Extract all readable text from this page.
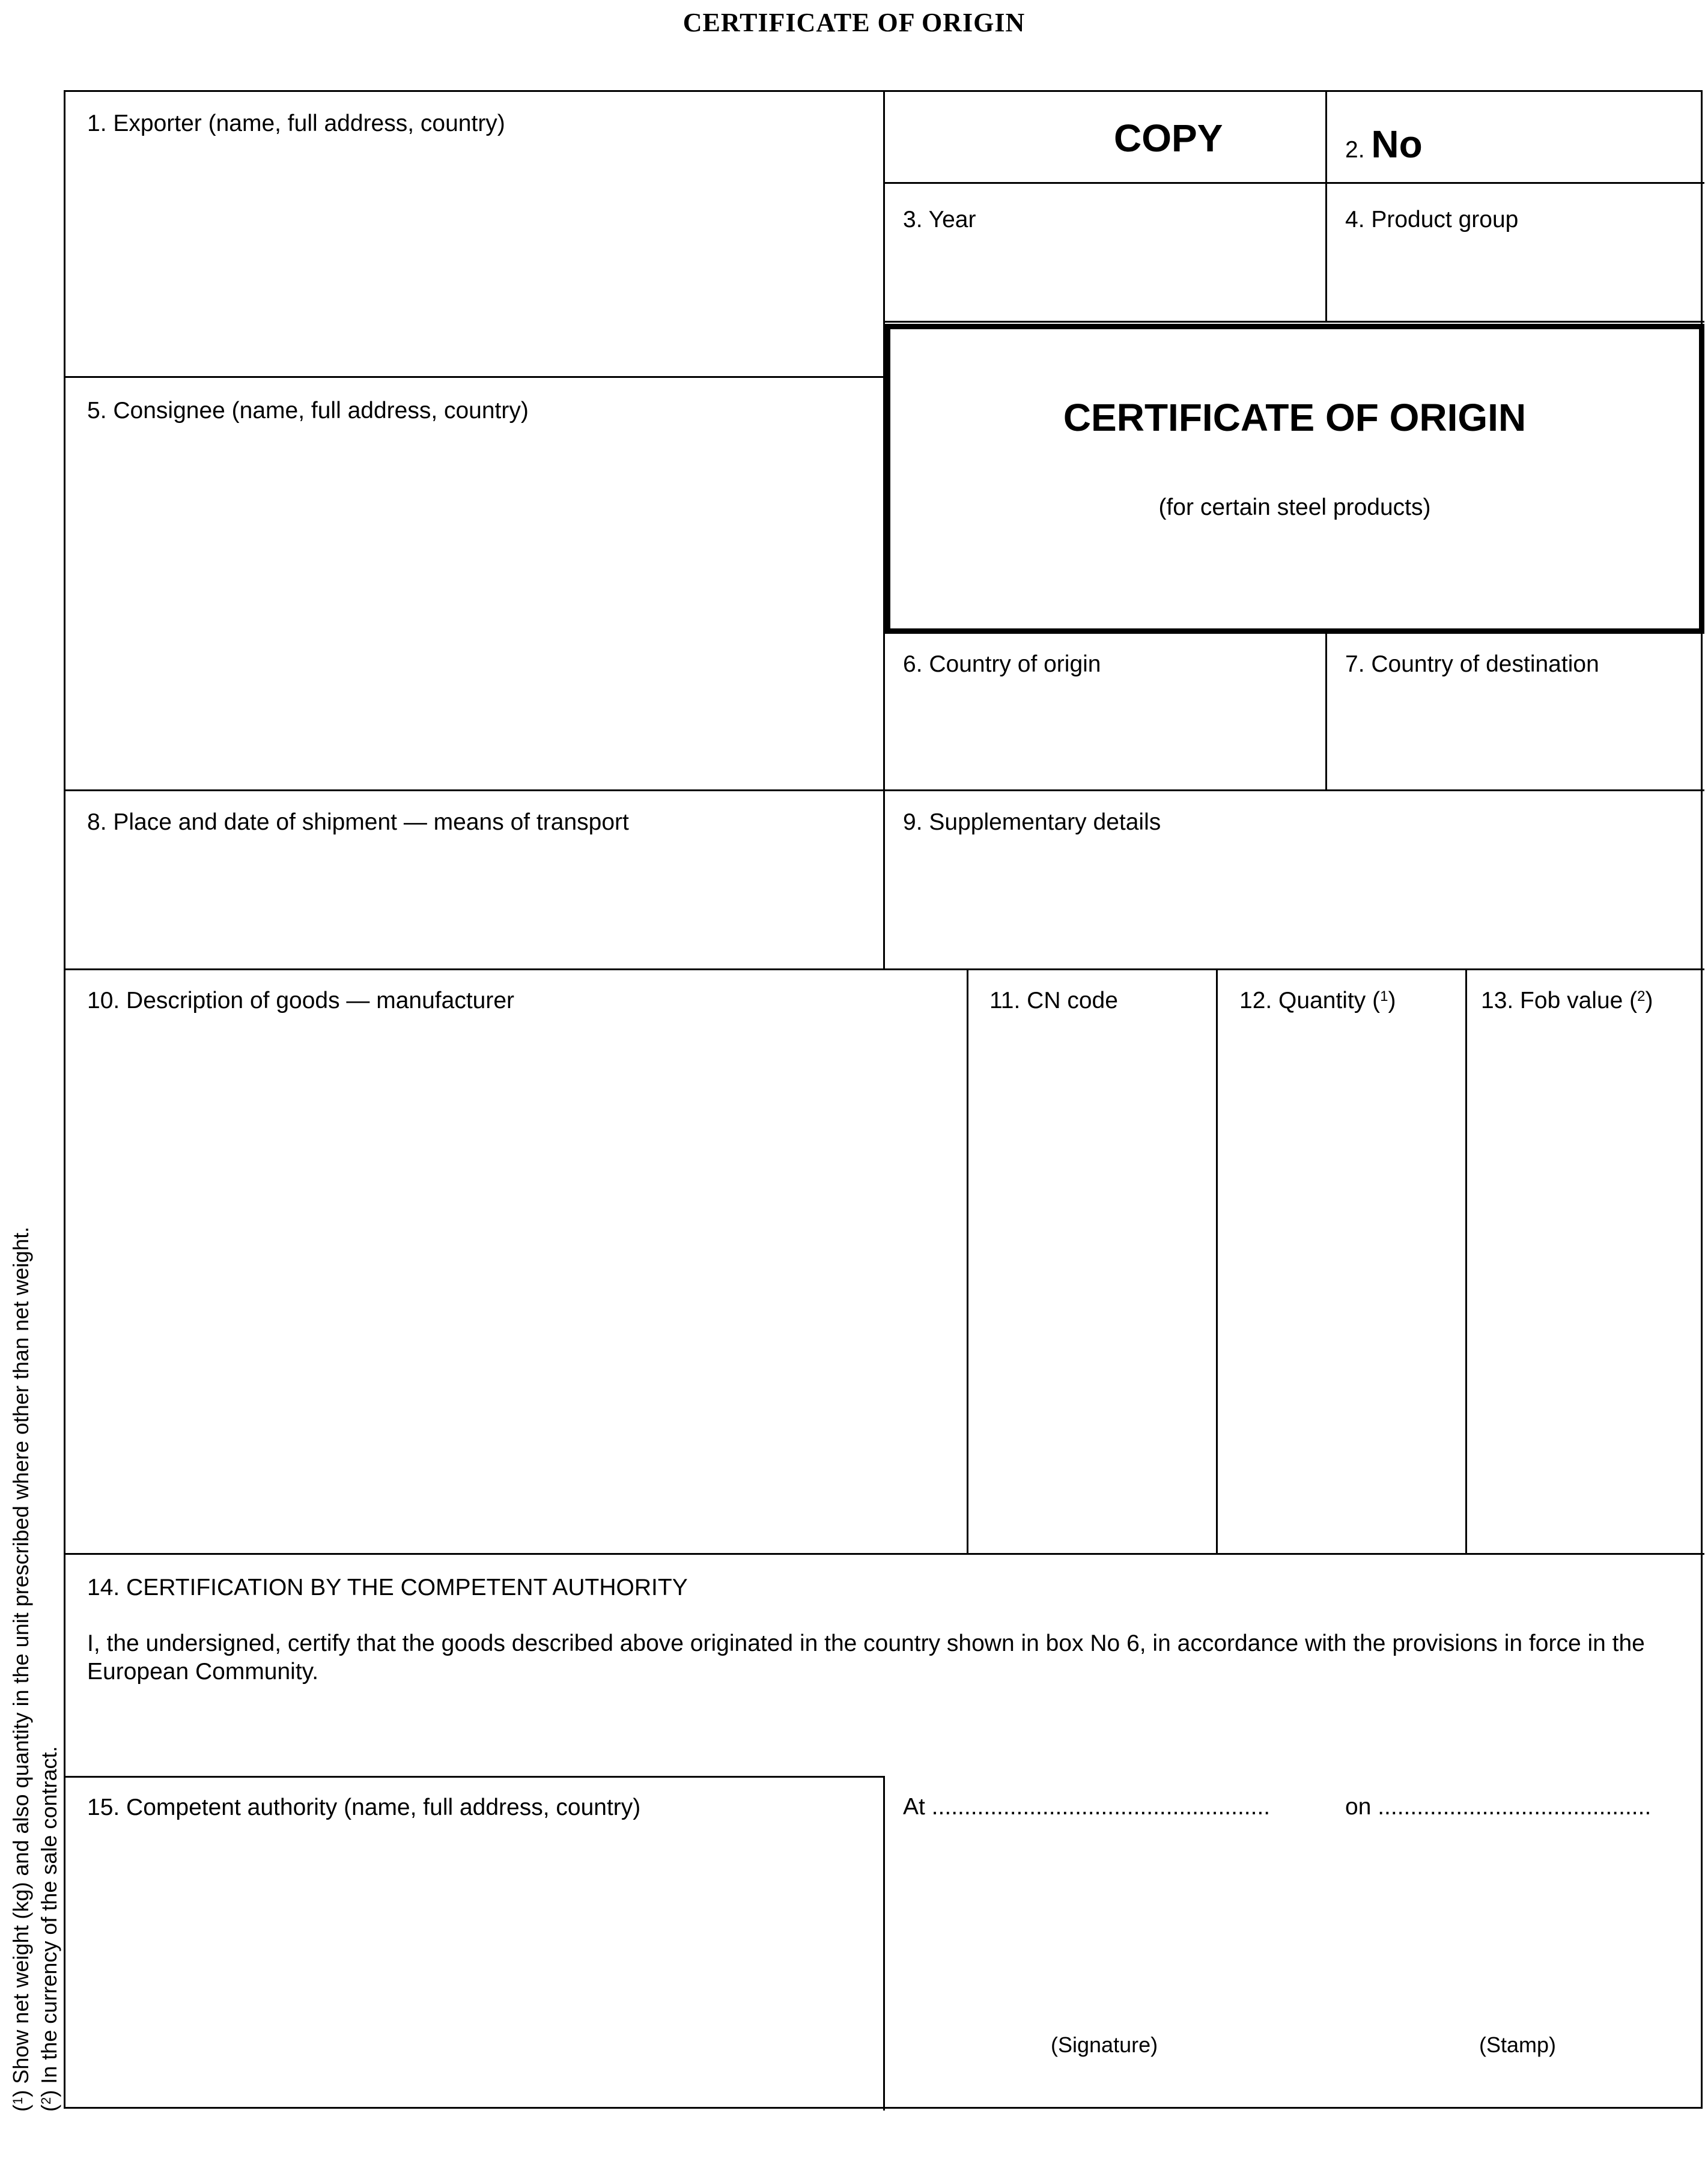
CERTIFICATE OF ORIGIN
1. Exporter (name, full address, country)	COPY	2. No
3. Year	4. Product group
5. Consignee (name, full address, country)	CERTIFICATE OF ORIGIN
(for certain steel products)
6. Country of origin	7. Country of destination
8. Place and date of shipment — means of transport	9. Supplementary details
10. Description of goods — manufacturer	11. CN code	12. Quantity ($^1$)	13. Fob value ($^2$)
14. CERTIFICATION BY THE COMPETENT AUTHORITY
I, the undersigned, certify that the goods described above originated in the country shown in box No 6, in accordance with the provisions in force in the European Community.
15. Competent authority (name, full address, country)	At ....................................................	on ..........................................
(Signature)	(Stamp)
($^1$) Show net weight (kg) and also quantity in the unit prescribed where other than net weight.
($^2$) In the currency of the sale contract.
